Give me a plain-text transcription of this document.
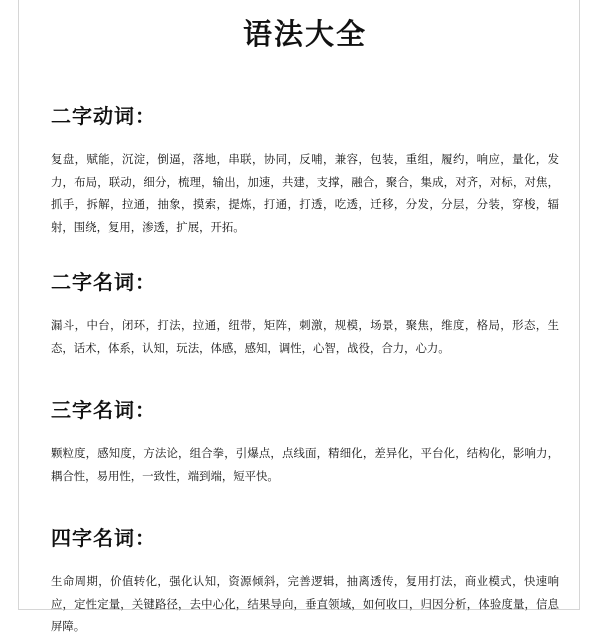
语法大全
二字动词：

复盘，赋能，沉淀，倒逼，落地，串联，协同，反哺，兼容，包装，重组，履约，响应，量化，发力，布局，联动，细分，梳理，输出，加速，共建，支撑，融合，聚合，集成，对齐，对标，对焦，抓手，拆解，拉通，抽象，摸索，提炼，打通，打透，吃透，迁移，分发，分层，分装，穿梭，辐射，围绕，复用，渗透，扩展，开拓。

二字名词：

漏斗，中台，闭环，打法，拉通，纽带，矩阵，刺激，规模，场景，聚焦，维度，格局，形态，生态，话术，体系，认知，玩法，体感，感知，调性，心智，战役，合力，心力。

三字名词：

颗粒度，感知度，方法论，组合拳，引爆点，点线面，精细化，差异化，平台化，结构化，影响力，耦合性，易用性，一致性，端到端，短平快。

四字名词：

生命周期，价值转化，强化认知，资源倾斜，完善逻辑，抽离透传，复用打法，商业模式，快速响应，定性定量，关键路径，去中心化，结果导向，垂直领域，如何收口，归因分析，体验度量，信息屏障。
